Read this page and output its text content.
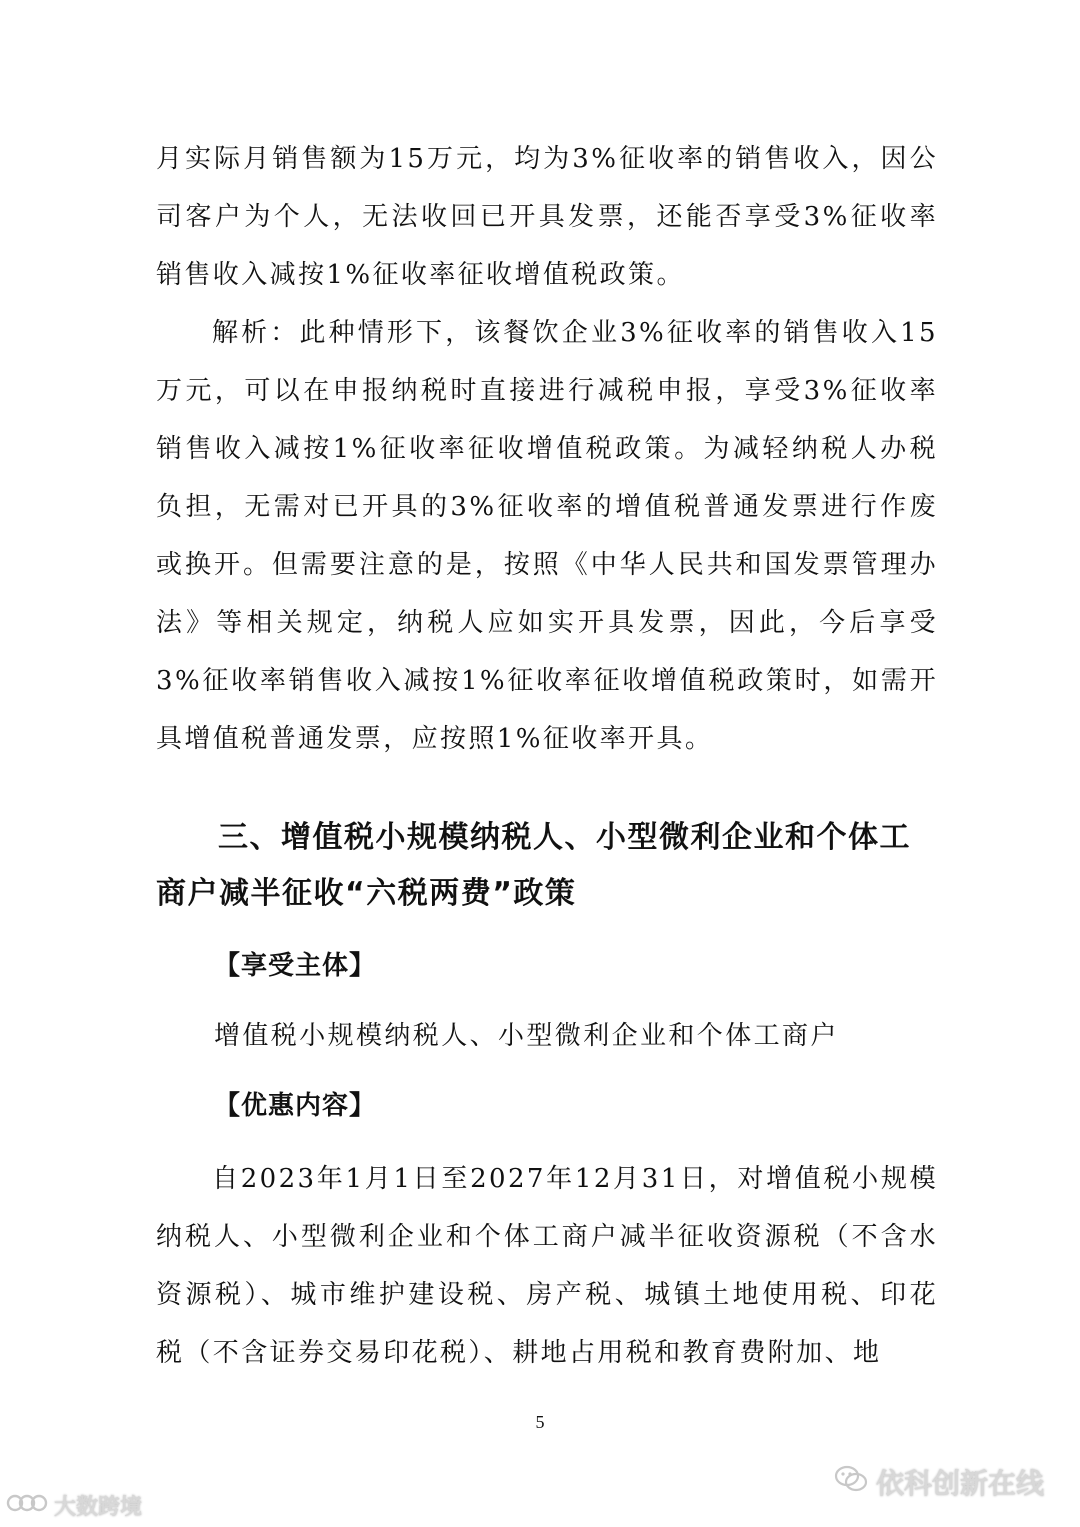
月实际月销售额为15万元，均为3%征收率的销售收入，因公司客户为个人，无法收回已开具发票，还能否享受3%征收率销售收入减按1%征收率征收增值税政策。
解析：此种情形下，该餐饮企业3%征收率的销售收入15万元，可以在申报纳税时直接进行减税申报，享受3%征收率销售收入减按1%征收率征收增值税政策。为减轻纳税人办税负担，无需对已开具的3%征收率的增值税普通发票进行作废或换开。但需要注意的是，按照《中华人民共和国发票管理办法》等相关规定，纳税人应如实开具发票，因此，今后享受3%征收率销售收入减按1%征收率征收增值税政策时，如需开具增值税普通发票，应按照1%征收率开具。
三、增值税小规模纳税人、小型微利企业和个体工商户减半征收“六税两费”政策
【享受主体】
增值税小规模纳税人、小型微利企业和个体工商户
【优惠内容】
自2023年1月1日至2027年12月31日，对增值税小规模纳税人、小型微利企业和个体工商户减半征收资源税（不含水资源税）、城市维护建设税、房产税、城镇土地使用税、印花税（不含证券交易印花税）、耕地占用税和教育费附加、地
5
依科创新在线
大数跨境
